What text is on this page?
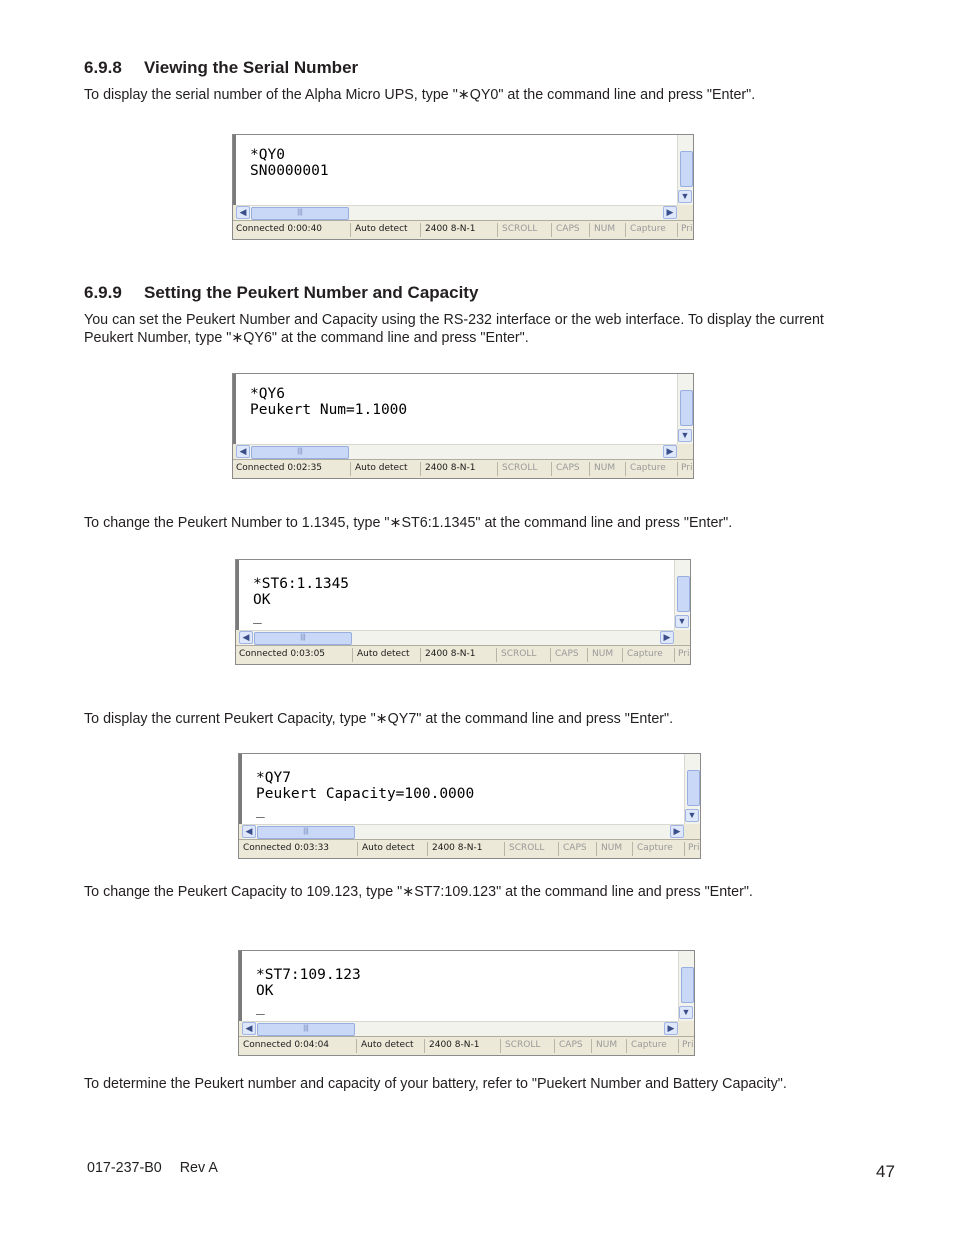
6.9.8 Viewing the Serial Number

To display the serial number of the Alpha Micro UPS, type "∗QY0" at the command line and press "Enter".

*QY0
SN0000001
▼
◀	|||	▶
Connected 0:00:40	Auto detect 2400 8-N-1	SCROLL CAPS NUM Capture Pri
6.9.9 Setting the Peukert Number and Capacity

You can set the Peukert Number and Capacity using the RS-232 interface or the web interface. To display the current Peukert Number, type "∗QY6" at the command line and press "Enter".

*QY6
Peukert Num=1.1000
▼
◀	|||	▶
Connected 0:02:35	Auto detect 2400 8-N-1	SCROLL CAPS NUM Capture Pri

To change the Peukert Number to 1.1345, type "∗ST6:1.1345" at the command line and press "Enter".

*ST6:1.1345
OK
_	▼
◀	|||	▶
Connected 0:03:05	Auto detect 2400 8-N-1	SCROLL CAPS NUM Capture Pri

To display the current Peukert Capacity, type "∗QY7" at the command line and press "Enter".

*QY7
Peukert Capacity=100.0000
_	▼
◀	|||	▶
Connected 0:03:33	Auto detect 2400 8-N-1	SCROLL CAPS NUM Capture Pri

To change the Peukert Capacity to 109.123, type "∗ST7:109.123" at the command line and press "Enter".

*ST7:109.123
OK
_	▼
◀	|||	▶
Connected 0:04:04	Auto detect 2400 8-N-1	SCROLL CAPS NUM Capture Pri

To determine the Peukert number and capacity of your battery, refer to "Puekert Number and Battery Capacity".

017-237-B0 Rev A	47
